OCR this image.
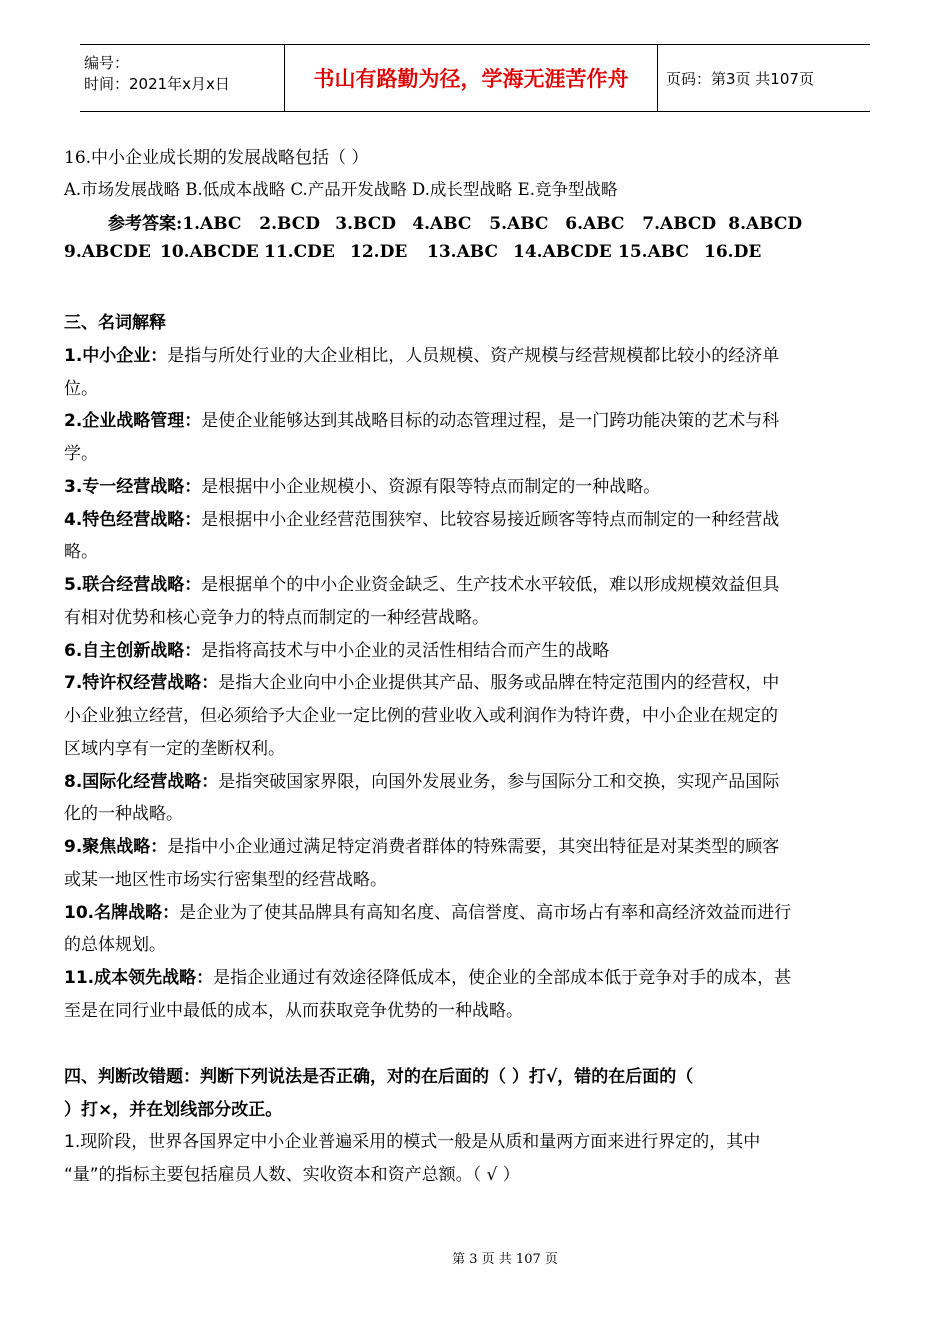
编号：
时间：2021年x月x日	书山有路勤为径，学海无涯苦作舟	页码：第3页 共107页
16.中小企业成长期的发展战略包括（ ）
A.市场发展战略 B.低成本战略 C.产品开发战略 D.成长型战略 E.竞争型战略
参考答案:1.ABC 2.BCD 3.BCD 4.ABC 5.ABC 6.ABC 7.ABCD 8.ABCD
9.ABCDE 10.ABCDE 11.CDE 12.DE 13.ABC 14.ABCDE 15.ABC 16.DE
三、名词解释
1.中小企业：是指与所处行业的大企业相比，人员规模、资产规模与经营规模都比较小的经济单
位。
2.企业战略管理：是使企业能够达到其战略目标的动态管理过程，是一门跨功能决策的艺术与科
学。
3.专一经营战略：是根据中小企业规模小、资源有限等特点而制定的一种战略。
4.特色经营战略：是根据中小企业经营范围狭窄、比较容易接近顾客等特点而制定的一种经营战
略。
5.联合经营战略：是根据单个的中小企业资金缺乏、生产技术水平较低，难以形成规模效益但具
有相对优势和核心竞争力的特点而制定的一种经营战略。
6.自主创新战略：是指将高技术与中小企业的灵活性相结合而产生的战略
7.特许权经营战略：是指大企业向中小企业提供其产品、服务或品牌在特定范围内的经营权，中
小企业独立经营，但必须给予大企业一定比例的营业收入或利润作为特许费，中小企业在规定的
区域内享有一定的垄断权利。
8.国际化经营战略：是指突破国家界限，向国外发展业务，参与国际分工和交换，实现产品国际
化的一种战略。
9.聚焦战略：是指中小企业通过满足特定消费者群体的特殊需要，其突出特征是对某类型的顾客
或某一地区性市场实行密集型的经营战略。
10.名牌战略：是企业为了使其品牌具有高知名度、高信誉度、高市场占有率和高经济效益而进行
的总体规划。
11.成本领先战略：是指企业通过有效途径降低成本，使企业的全部成本低于竞争对手的成本，甚
至是在同行业中最低的成本，从而获取竞争优势的一种战略。
四、判断改错题：判断下列说法是否正确，对的在后面的（ ）打√，错的在后面的（
）打×，并在划线部分改正。
1.现阶段，世界各国界定中小企业普遍采用的模式一般是从质和量两方面来进行界定的，其中
“量”的指标主要包括雇员人数、实收资本和资产总额。（ √ ）
第 3 页 共 107 页
